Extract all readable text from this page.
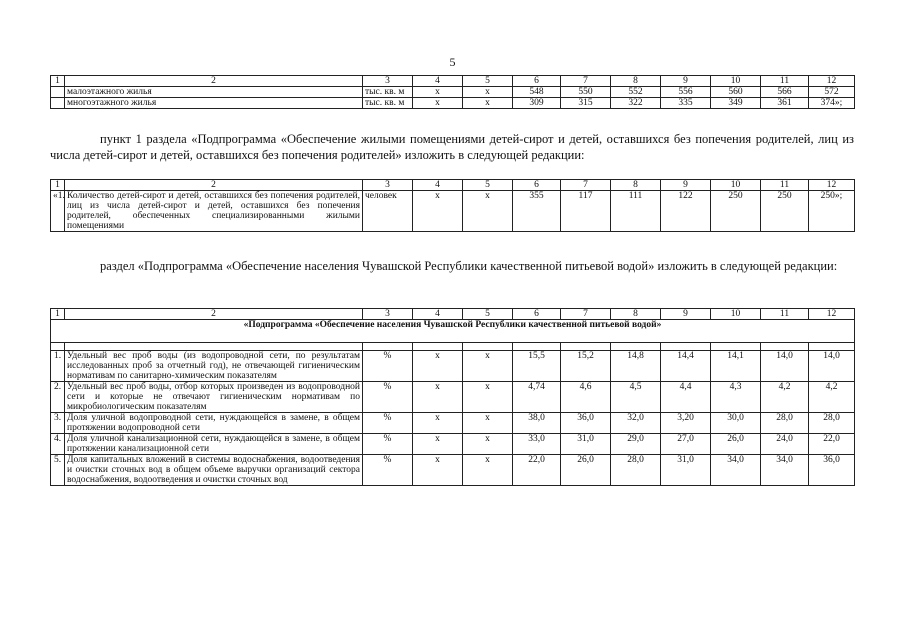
5
1	2	3	4	5	6	7	8	9	10	11	12
	малоэтажного жилья	тыс. кв. м	х	х	548	550	552	556	560	566	572
	многоэтажного жилья	тыс. кв. м	х	х	309	315	322	335	349	361	374»;

пункт 1 раздела «Подпрограмма «Обеспечение жилыми помещениями детей-сирот и детей, оставшихся без попечения родителей, лиц из числа детей-сирот и детей, оставшихся без попечения родителей» изложить в следующей редакции:

1	2	3	4	5	6	7	8	9	10	11	12
«1.	Количество детей-сирот и детей, оставшихся без попечения родителей, лиц из числа детей-сирот и детей, оставшихся без попечения родителей, обеспеченных специализированными жилыми помещениями	человек	х	х	355	117	111	122	250	250	250»;

раздел «Подпрограмма «Обеспечение населения Чувашской Республики качественной питьевой водой» изложить в следующей редакции:

1	2	3	4	5	6	7	8	9	10	11	12
«Подпрограмма «Обеспечение населения Чувашской Республики качественной питьевой водой»											

1.	Удельный вес проб воды (из водопроводной сети, по результатам исследованных проб за отчетный год), не отвечающей гигиеническим нормативам по санитарно-химическим показателям	%	х	х	15,5	15,2	14,8	14,4	14,1	14,0	14,0
2.	Удельный вес проб воды, отбор которых произведен из водопроводной сети и которые не отвечают гигиеническим нормативам по микробиологическим показателям	%	х	х	4,74	4,6	4,5	4,4	4,3	4,2	4,2
3.	Доля уличной водопроводной сети, нуждающейся в замене, в общем протяжении водопроводной сети	%	х	х	38,0	36,0	32,0	3,20	30,0	28,0	28,0
4.	Доля уличной канализационной сети, нуждающейся в замене, в общем протяжении канализационной сети	%	х	х	33,0	31,0	29,0	27,0	26,0	24,0	22,0
5.	Доля капитальных вложений в системы водоснабжения, водоотведения и очистки сточных вод в общем объеме выручки организаций сектора водоснабжения, водоотведения и очистки сточных вод	%	х	х	22,0	26,0	28,0	31,0	34,0	34,0	36,0
